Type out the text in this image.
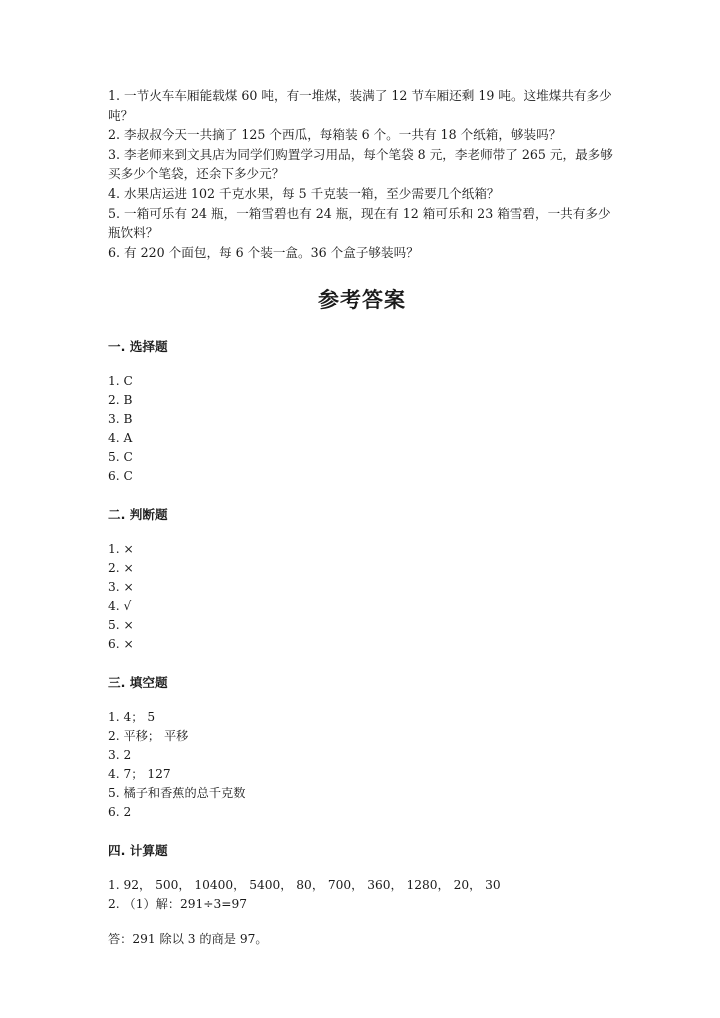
1. 一节火车车厢能载煤 60 吨，有一堆煤，装满了 12 节车厢还剩 19 吨。这堆煤共有多少吨？

2. 李叔叔今天一共摘了 125 个西瓜，每箱装 6 个。一共有 18 个纸箱，够装吗？

3. 李老师来到文具店为同学们购置学习用品，每个笔袋 8 元，李老师带了 265 元，最多够买多少个笔袋，还余下多少元？

4. 水果店运进 102 千克水果，每 5 千克装一箱，至少需要几个纸箱？

5. 一箱可乐有 24 瓶，一箱雪碧也有 24 瓶，现在有 12 箱可乐和 23 箱雪碧，一共有多少瓶饮料？

6. 有 220 个面包，每 6 个装一盒。36 个盒子够装吗？

参考答案
一. 选择题
1. C
2. B
3. B
4. A
5. C
6. C
二. 判断题
1. ×
2. ×
3. ×
4. √
5. ×
6. ×
三. 填空题
1. 4； 5
2. 平移； 平移
3. 2
4. 7； 127
5. 橘子和香蕉的总千克数
6. 2
四. 计算题
1. 92， 500， 10400， 5400， 80， 700， 360， 1280， 20， 30
2. （1）解：291÷3=97

答：291 除以 3 的商是 97。
